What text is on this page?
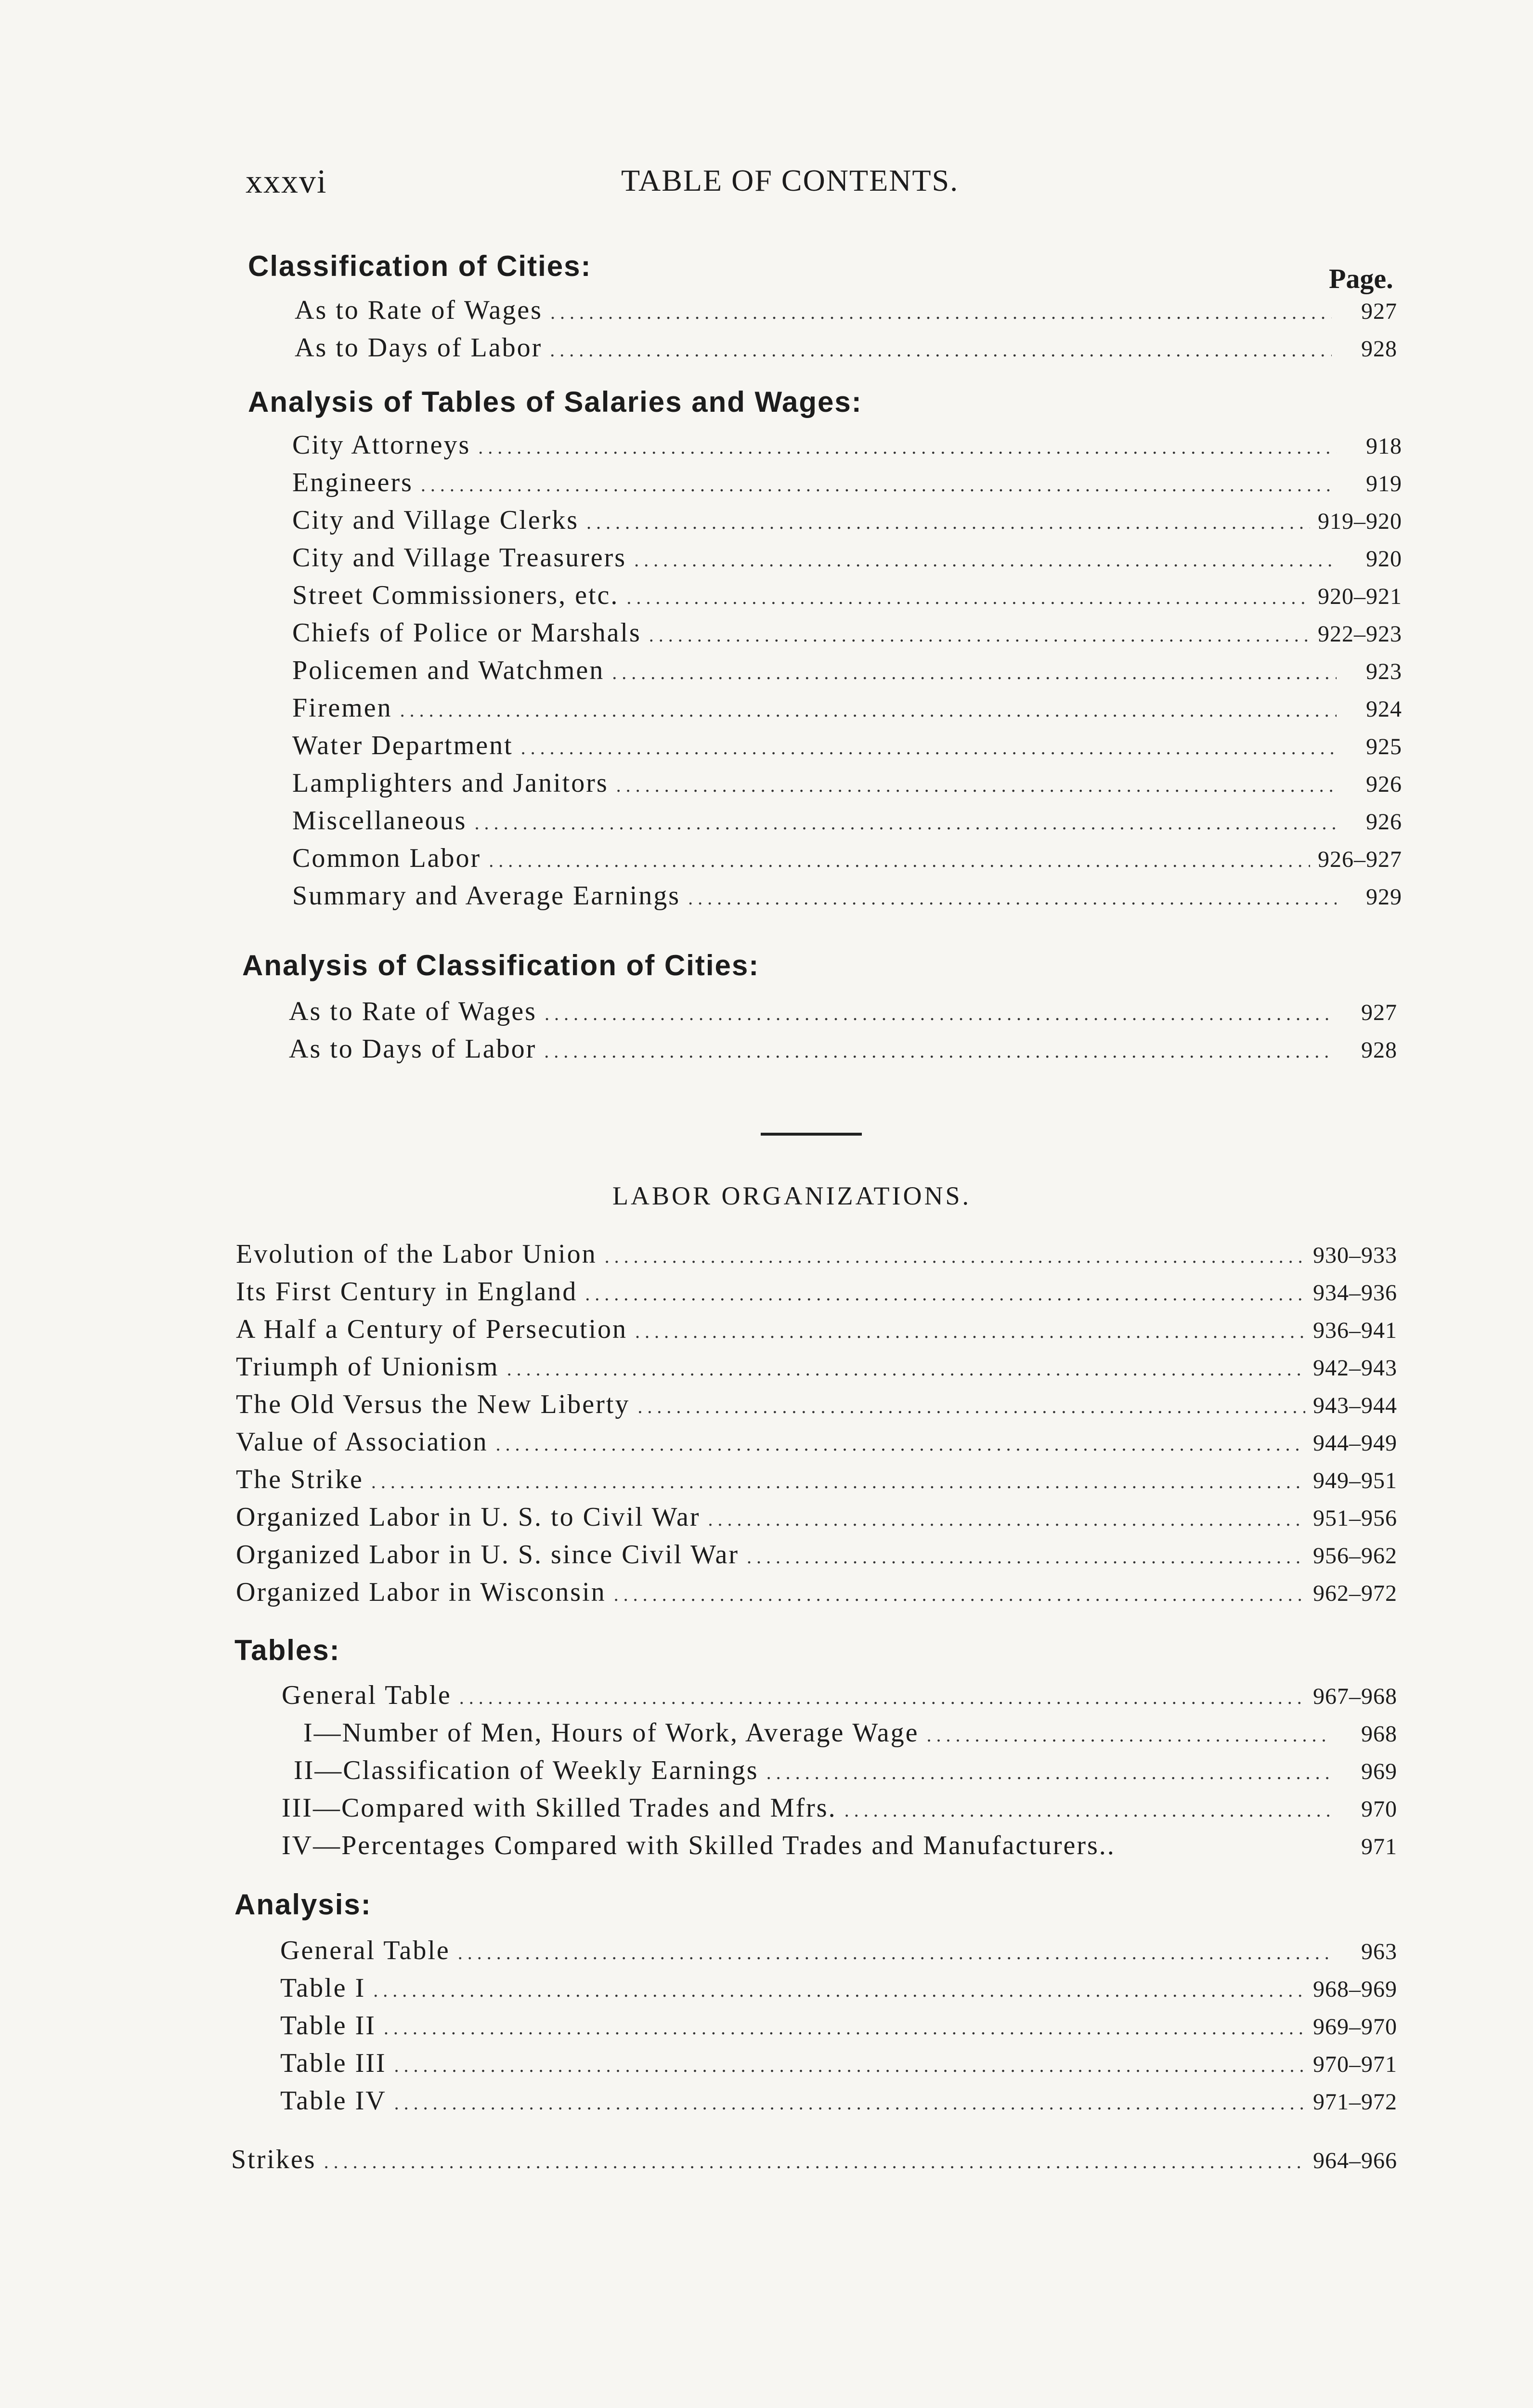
xxxvi	TABLE OF CONTENTS.
Classification of Cities:	Page.
As to Rate of Wages . . .	927
As to Days of Labor . . .	928
Analysis of Tables of Salaries and Wages:
City Attorneys . . .	918
Engineers . . .	919
City and Village Clerks . . .	919–920
City and Village Treasurers . . .	920
Street Commissioners, etc. . . .	920–921
Chiefs of Police or Marshals . . .	922–923
Policemen and Watchmen . . .	923
Firemen . . .	924
Water Department . . .	925
Lamplighters and Janitors . . .	926
Miscellaneous . . .	926
Common Labor . . .	926–927
Summary and Average Earnings . . .	929
Analysis of Classification of Cities:
As to Rate of Wages . . .	927
As to Days of Labor . . .	928
LABOR ORGANIZATIONS.
Evolution of the Labor Union . . .	930–933
Its First Century in England . . .	934–936
A Half a Century of Persecution . . .	936–941
Triumph of Unionism . . .	942–943
The Old Versus the New Liberty . . .	943–944
Value of Association . . .	944–949
The Strike . . .	949–951
Organized Labor in U. S. to Civil War . . .	951–956
Organized Labor in U. S. since Civil War . . .	956–962
Organized Labor in Wisconsin . . .	962–972
Tables:
General Table . . .	967–968
I—Number of Men, Hours of Work, Average Wage . . .	968
II—Classification of Weekly Earnings . . .	969
III—Compared with Skilled Trades and Mfrs. . . .	970
IV—Percentages Compared with Skilled Trades and Manufacturers..	971
Analysis:
General Table . . .	963
Table I . . .	968–969
Table II . . .	969–970
Table III . . .	970–971
Table IV . . .	971–972
Strikes . . .	964–966
